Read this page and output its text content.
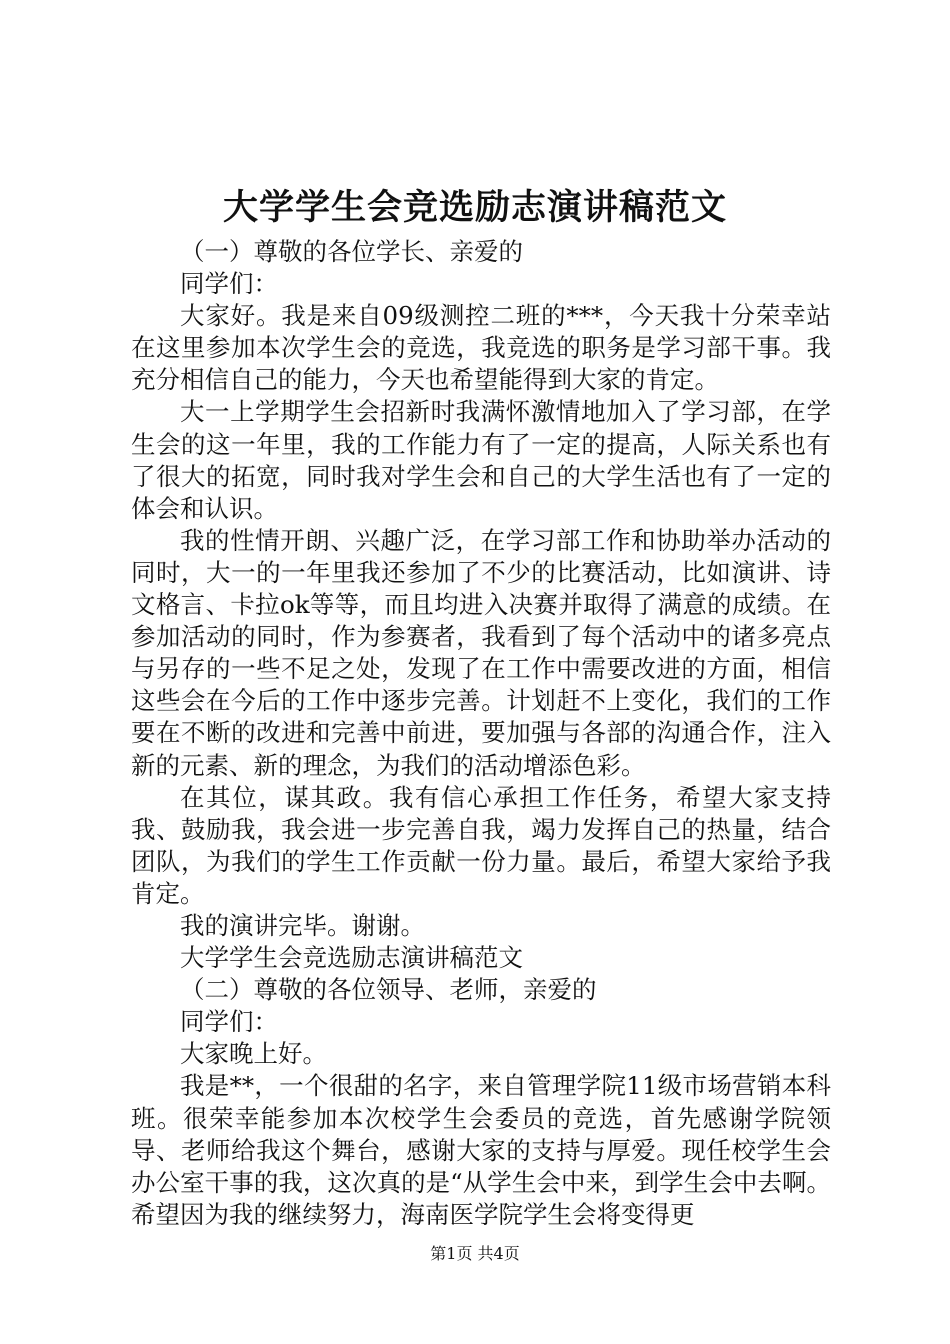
大学学生会竞选励志演讲稿范文

（一）尊敬的各位学长、亲爱的

同学们：

大家好。我是来自09级测控二班的***，今天我十分荣幸站在这里参加本次学生会的竞选，我竞选的职务是学习部干事。我充分相信自己的能力，今天也希望能得到大家的肯定。

大一上学期学生会招新时我满怀激情地加入了学习部，在学生会的这一年里，我的工作能力有了一定的提高，人际关系也有了很大的拓宽，同时我对学生会和自己的大学生活也有了一定的体会和认识。

我的性情开朗、兴趣广泛，在学习部工作和协助举办活动的同时，大一的一年里我还参加了不少的比赛活动，比如演讲、诗文格言、卡拉ok等等，而且均进入决赛并取得了满意的成绩。在参加活动的同时，作为参赛者，我看到了每个活动中的诸多亮点与另存的一些不足之处，发现了在工作中需要改进的方面，相信这些会在今后的工作中逐步完善。计划赶不上变化，我们的工作要在不断的改进和完善中前进，要加强与各部的沟通合作，注入新的元素、新的理念，为我们的活动增添色彩。

在其位，谋其政。我有信心承担工作任务，希望大家支持我、鼓励我，我会进一步完善自我，竭力发挥自己的热量，结合团队，为我们的学生工作贡献一份力量。最后，希望大家给予我肯定。

我的演讲完毕。谢谢。

大学学生会竞选励志演讲稿范文

（二）尊敬的各位领导、老师，亲爱的

同学们：

大家晚上好。

我是**，一个很甜的名字，来自管理学院11级市场营销本科班。很荣幸能参加本次校学生会委员的竞选，首先感谢学院领导、老师给我这个舞台，感谢大家的支持与厚爱。现任校学生会办公室干事的我，这次真的是“从学生会中来，到学生会中去啊。希望因为我的继续努力，海南医学院学生会将变得更

第1页 共4页
